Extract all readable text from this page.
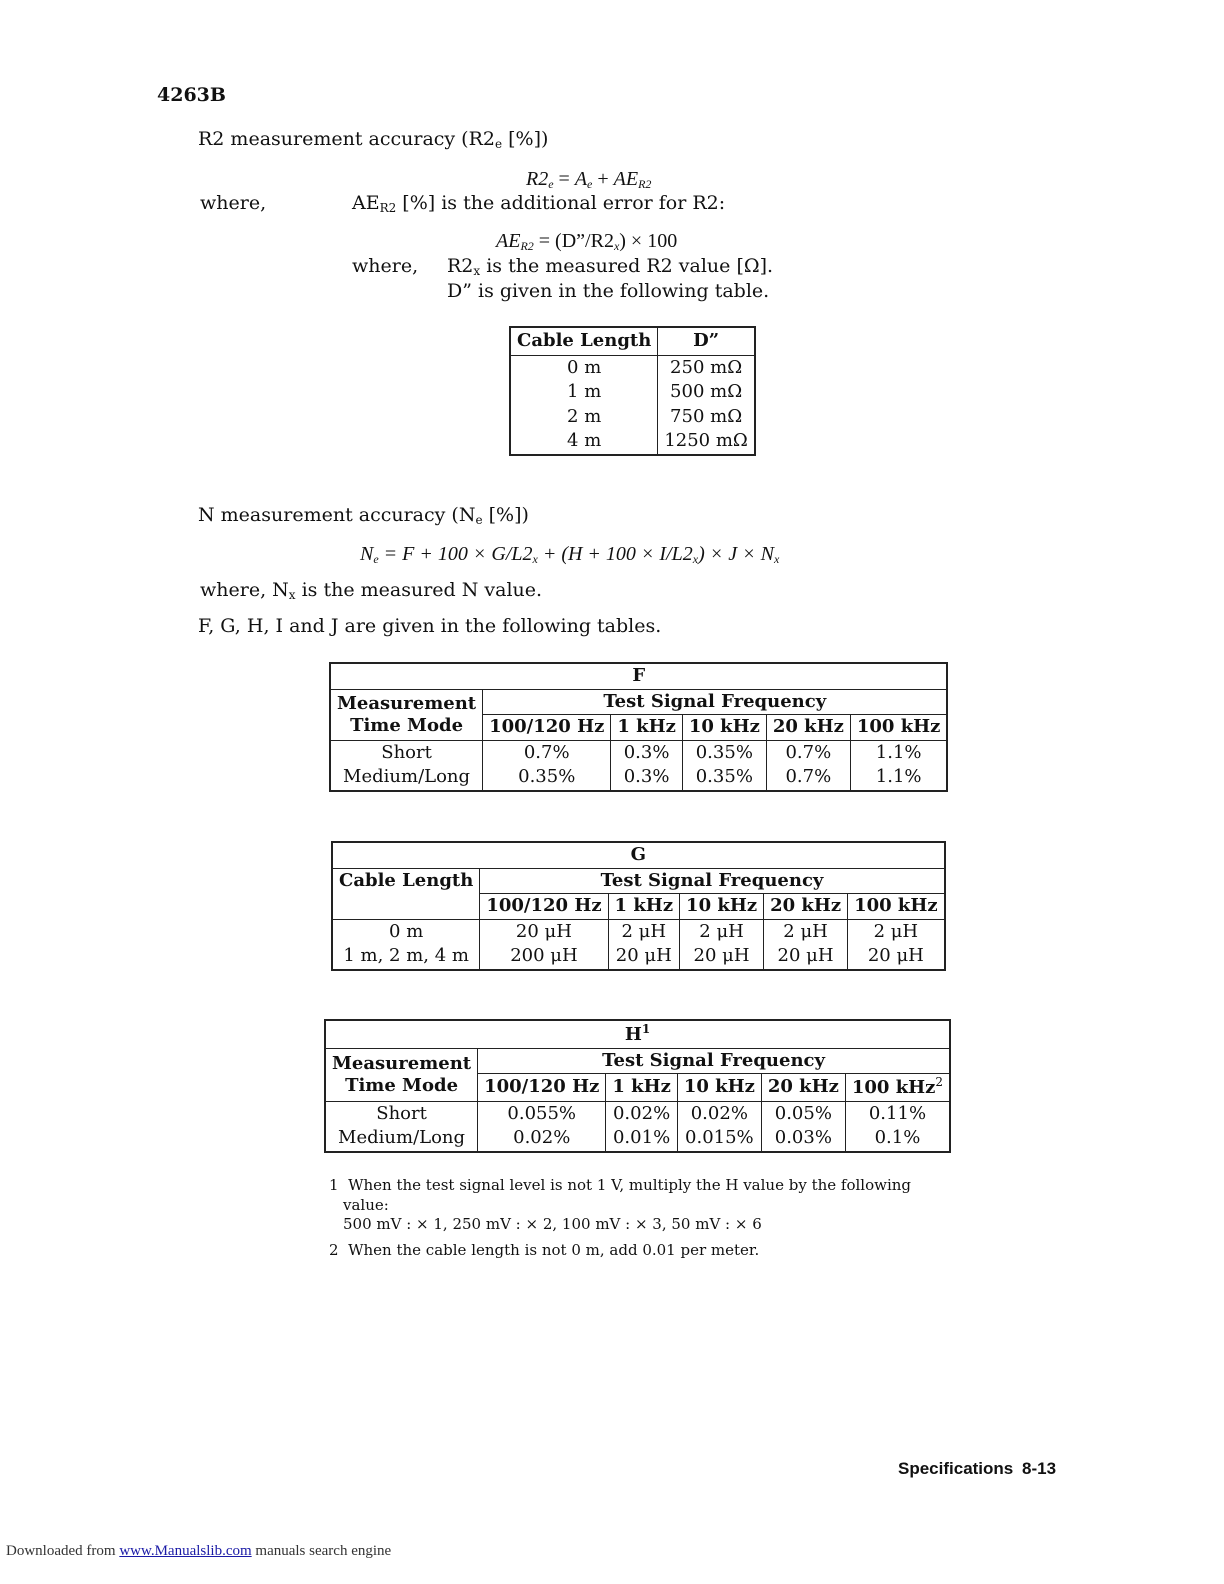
4263B
R2 measurement accuracy ($R2_e$ [%])
$R2_e = A_e + AE_{R2}$
where,	$AE_{R2}$ [%] is the additional error for R2:
$AE_{R2}$ = $(D”/R2_x) \times 100$
where, $R2_x$ is the measured R2 value [Ω].
D” is given in the following table.
Cable Length	D”
0 m	250 mΩ
1 m	500 mΩ
2 m	750 mΩ
4 m	1250 mΩ
N measurement accuracy ($N_e$ [%])
$N_e = F + 100 \times G/L2_x + (H + 100 \times I/L2_x) \times J \times N_x$
where, $N_x$ is the measured N value.
F, G, H, I and J are given in the following tables.
F					
Measurement
Time Mode	Test Signal Frequency				
	100/120 Hz	1 kHz	10 kHz	20 kHz	100 kHz
Short	0.7%	0.3%	0.35%	0.7%	1.1%
Medium/Long	0.35%	0.3%	0.35%	0.7%	1.1%
G					
Cable Length	Test Signal Frequency				
	100/120 Hz	1 kHz	10 kHz	20 kHz	100 kHz
0 m	20 μH	2 μH	2 μH	2 μH	2 μH
1 m, 2 m, 4 m	200 μH	20 μH	20 μH	20 μH	20 μH
$H^1$
Measurement
Time Mode	Test Signal Frequency				
	100/120 Hz	1 kHz	10 kHz	20 kHz	100 kHz$^2$
Short	0.055%	0.02%	0.02%	0.05%	0.11%
Medium/Long	0.02%	0.01%	0.015%	0.03%	0.1%
1 When the test signal level is not 1 V, multiply the H value by the following
value:
500 mV : × 1, 250 mV : × 2, 100 mV : × 3, 50 mV : × 6
2 When the cable length is not 0 m, add 0.01 per meter.
Specifications 8-13
Downloaded from www.Manualslib.com manuals search engine
